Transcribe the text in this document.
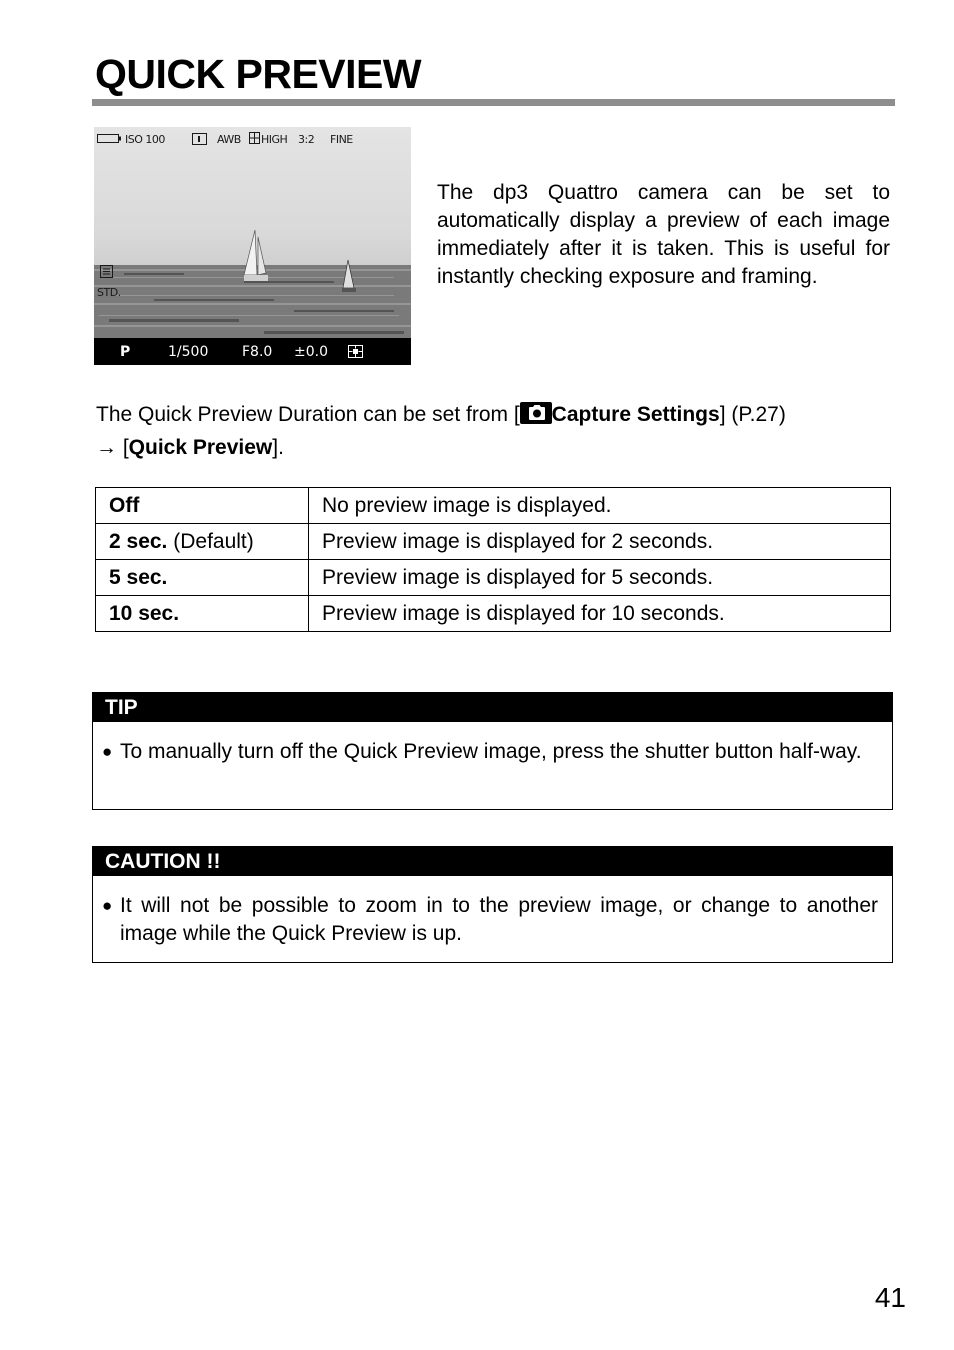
QUICK PREVIEW
ISO 100	AWB HIGH 3:2 FINE
STD.
P	1/500 F8.0 ±0.0

The dp3 Quattro camera can be set to automatically display a preview of each image immediately after it is taken. This is useful for instantly checking exposure and framing.

The Quick Preview Duration can be set from [ Capture Settings] (P.27)
→ [Quick Preview].

Off	No preview image is displayed.
2 sec. (Default)	Preview image is displayed for 2 seconds.
5 sec.	Preview image is displayed for 5 seconds.
10 sec.	Preview image is displayed for 10 seconds.
TIP
● To manually turn off the Quick Preview image, press the shutter button half-way.
CAUTION !!
● It will not be possible to zoom in to the preview image, or change to another image while the Quick Preview is up.
41
